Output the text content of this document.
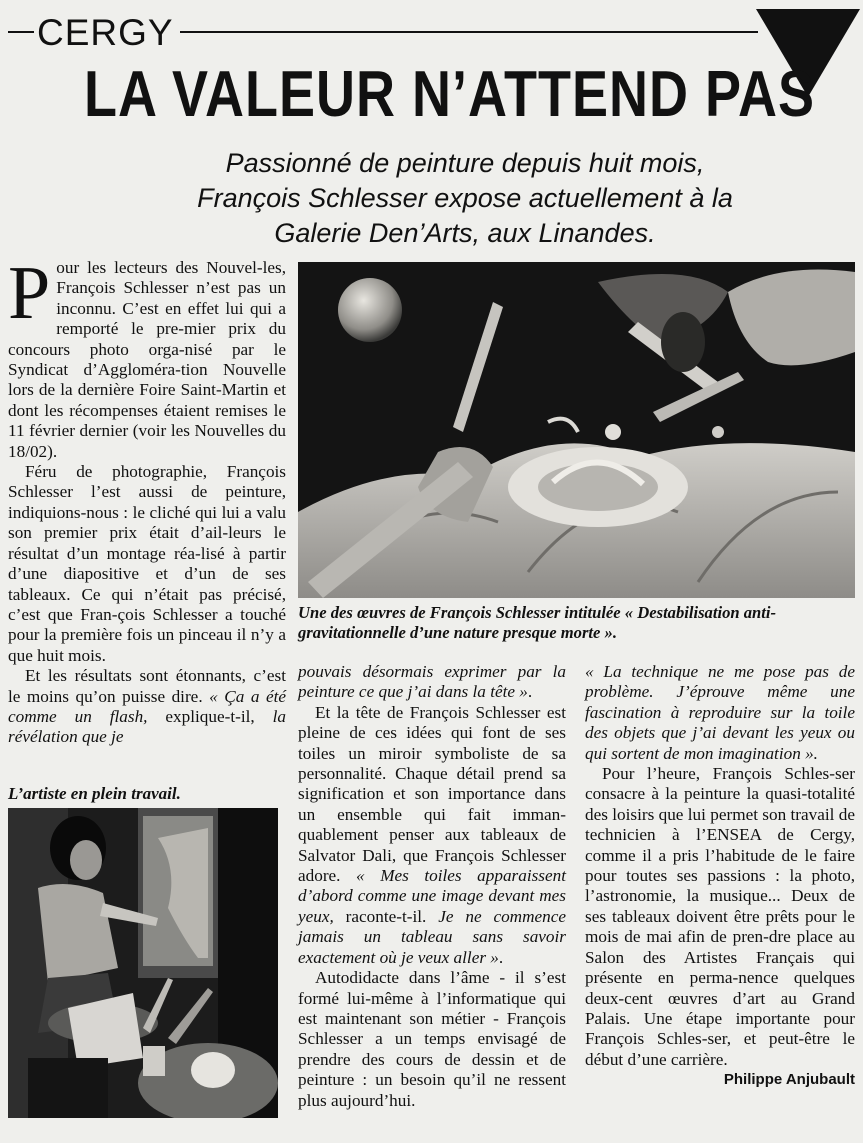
CERGY
LA VALEUR N’ATTEND PAS
Passionné de peinture depuis huit mois,
François Schlesser expose actuellement à la
Galerie Den’Arts, aux Linandes.

Pour les lecteurs des Nouvel-les, François Schlesser n’est pas un inconnu. C’est en effet lui qui a remporté le pre-mier prix du concours photo orga-nisé par le Syndicat d’Aggloméra-tion Nouvelle lors de la dernière Foire Saint-Martin et dont les récompenses étaient remises le 11 février dernier (voir les Nouvelles du 18/02).

Féru de photographie, François Schlesser l’est aussi de peinture, indiquions-nous : le cliché qui lui a valu son premier prix était d’ail-leurs le résultat d’un montage réa-lisé à partir d’une diapositive et d’un de ses tableaux. Ce qui n’était pas précisé, c’est que Fran-çois Schlesser a touché pour la première fois un pinceau il n’y a que huit mois.

Et les résultats sont étonnants, c’est le moins qu’on puisse dire. « Ça a été comme un flash, explique-t-il, la révélation que je

L’artiste en plein travail.
Une des œuvres de François Schlesser intitulée « Destabilisation anti-gravitationnelle d’une nature presque morte ».

pouvais désormais exprimer par la peinture ce que j’ai dans la tête ».

Et la tête de François Schlesser est pleine de ces idées qui font de ses toiles un miroir symboliste de sa personnalité. Chaque détail prend sa signification et son importance dans un ensemble qui fait imman-quablement penser aux tableaux de Salvator Dali, que François Schlesser adore. « Mes toiles apparaissent d’abord comme une image devant mes yeux, raconte-t-il. Je ne commence jamais un tableau sans savoir exactement où je veux aller ».

Autodidacte dans l’âme - il s’est formé lui-même à l’informatique qui est maintenant son métier - François Schlesser a un temps envisagé de prendre des cours de dessin et de peinture : un besoin qu’il ne ressent plus aujourd’hui.

« La technique ne me pose pas de problème. J’éprouve même une fascination à reproduire sur la toile des objets que j’ai devant les yeux ou qui sortent de mon imagination ».

Pour l’heure, François Schles-ser consacre à la peinture la quasi-totalité des loisirs que lui permet son travail de technicien à l’ENSEA de Cergy, comme il a pris l’habitude de le faire pour toutes ses passions : la photo, l’astronomie, la musique... Deux de ses tableaux doivent être prêts pour le mois de mai afin de pren-dre place au Salon des Artistes Français qui présente en perma-nence quelques deux-cent œuvres d’art au Grand Palais. Une étape importante pour François Schles-ser, et peut-être le début d’une carrière.
Philippe Anjubault
